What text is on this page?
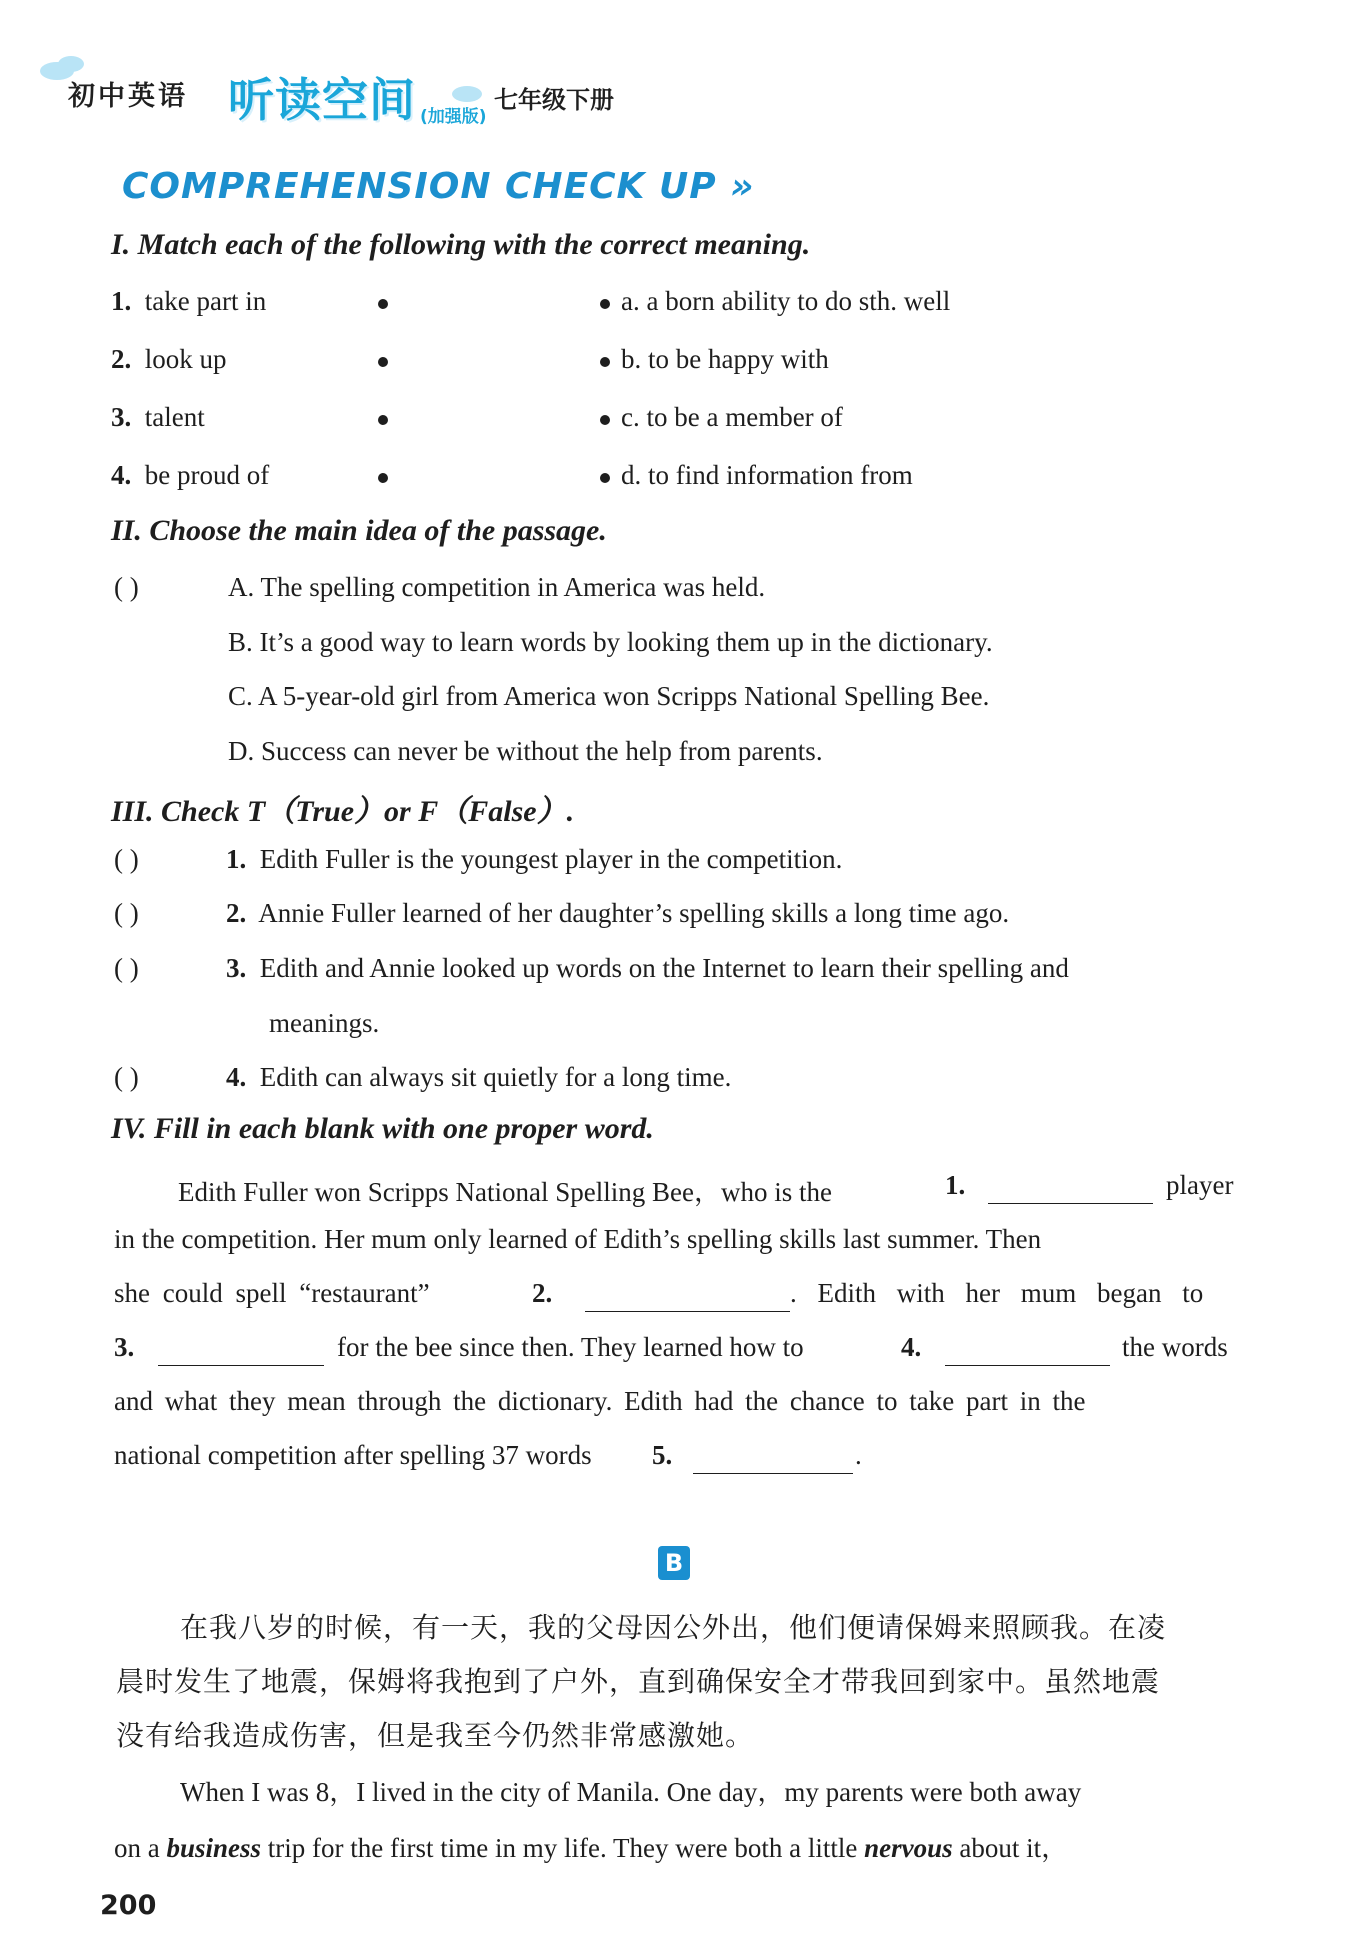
初中英语 听读空间 (加强版)
七年级下册
COMPREHENSION CHECK UP »
I. Match each of the following with the correct meaning.
1. take part in	a. a born ability to do sth. well
2. look up	b. to be happy with
3. talent	c. to be a member of
4. be proud of	d. to find information from
II. Choose the main idea of the passage.
( )	A. The spelling competition in America was held.
B. It’s a good way to learn words by looking them up in the dictionary.
C. A 5-year-old girl from America won Scripps National Spelling Bee.
D. Success can never be without the help from parents.
III. Check T（True）or F（False）.
( )	1. Edith Fuller is the youngest player in the competition.
( )	2. Annie Fuller learned of her daughter’s spelling skills a long time ago.
( )	3. Edith and Annie looked up words on the Internet to learn their spelling and
meanings.
( )	4. Edith can always sit quietly for a long time.
IV. Fill in each blank with one proper word.
Edith Fuller won Scripps National Spelling Bee，who is the	1.	player
in the competition. Her mum only learned of Edith’s spelling skills last summer. Then
she could spell “restaurant”	2.	. Edith with her mum began to
3.	for the bee since then. They learned how to	4.	the words
and what they mean through the dictionary. Edith had the chance to take part in the
national competition after spelling 37 words 5.	.
B
在我八岁的时候，有一天，我的父母因公外出，他们便请保姆来照顾我。在凌
晨时发生了地震，保姆将我抱到了户外，直到确保安全才带我回到家中。虽然地震
没有给我造成伤害，但是我至今仍然非常感激她。
When I was 8，I lived in the city of Manila. One day，my parents were both away
on a business trip for the first time in my life. They were both a little nervous about it，
200
